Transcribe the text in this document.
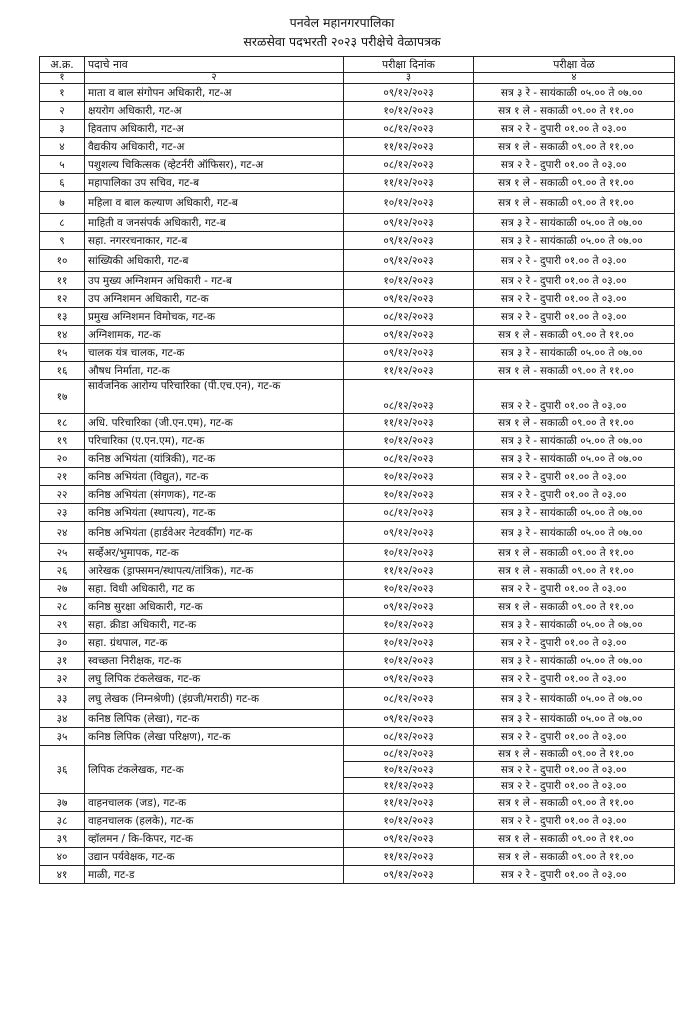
पनवेल महानगरपालिका
सरळसेवा पदभरती २०२३ परीक्षेचे वेळापत्रक
अ.क्र.	पदाचे नाव	परीक्षा दिनांक	परीक्षा वेळ
१	२	३	४
१	माता व बाल संगोपन अधिकारी, गट-अ	०९/१२/२०२३	सत्र ३ रे - सायंकाळी ०५.०० ते ०७.००
२	क्षयरोग अधिकारी, गट-अ	१०/१२/२०२३	सत्र १ ले - सकाळी ०९.०० ते ११.००
३	हिवताप अधिकारी, गट-अ	०८/१२/२०२३	सत्र २ रे - दुपारी ०१.०० ते ०३.००
४	वैद्यकीय अधिकारी, गट-अ	११/१२/२०२३	सत्र १ ले - सकाळी ०९.०० ते ११.००
५	पशुशल्य चिकित्सक (व्हेटर्नरी ऑफिसर), गट-अ	०८/१२/२०२३	सत्र २ रे - दुपारी ०१.०० ते ०३.००
६	महापालिका उप सचिव, गट-ब	११/१२/२०२३	सत्र १ ले - सकाळी ०९.०० ते ११.००
७	महिला व बाल कल्याण अधिकारी, गट-ब	१०/१२/२०२३	सत्र १ ले - सकाळी ०९.०० ते ११.००
८	माहिती व जनसंपर्क अधिकारी, गट-ब	०९/१२/२०२३	सत्र ३ रे - सायंकाळी ०५.०० ते ०७.००
९	सहा. नगररचनाकार, गट-ब	०९/१२/२०२३	सत्र ३ रे - सायंकाळी ०५.०० ते ०७.००
१०	सांख्यिकी अधिकारी, गट-ब	०९/१२/२०२३	सत्र २ रे - दुपारी ०१.०० ते ०३.००
११	उप मुख्य अग्निशमन अधिकारी - गट-ब	१०/१२/२०२३	सत्र २ रे - दुपारी ०१.०० ते ०३.००
१२	उप अग्निशमन अधिकारी, गट-क	०९/१२/२०२३	सत्र २ रे - दुपारी ०१.०० ते ०३.००
१३	प्रमुख अग्निशमन विमोचक, गट-क	०८/१२/२०२३	सत्र २ रे - दुपारी ०१.०० ते ०३.००
१४	अग्निशामक, गट-क	०९/१२/२०२३	सत्र १ ले - सकाळी ०९.०० ते ११.००
१५	चालक यंत्र चालक, गट-क	०९/१२/२०२३	सत्र ३ रे - सायंकाळी ०५.०० ते ०७.००
१६	औषध निर्माता, गट-क	११/१२/२०२३	सत्र १ ले - सकाळी ०९.०० ते ११.००
१७	सार्वजनिक आरोग्य परिचारिका (पी.एच.एन), गट-क	०८/१२/२०२३	सत्र २ रे - दुपारी ०१.०० ते ०३.००
१८	अधि. परिचारिका (जी.एन.एम), गट-क	११/१२/२०२३	सत्र १ ले - सकाळी ०९.०० ते ११.००
१९	परिचारिका (ए.एन.एम), गट-क	१०/१२/२०२३	सत्र ३ रे - सायंकाळी ०५.०० ते ०७.००
२०	कनिष्ठ अभियंता (यांत्रिकी), गट-क	०८/१२/२०२३	सत्र ३ रे - सायंकाळी ०५.०० ते ०७.००
२१	कनिष्ठ अभियंता (विद्युत), गट-क	१०/१२/२०२३	सत्र २ रे - दुपारी ०१.०० ते ०३.००
२२	कनिष्ठ अभियंता (संगणक), गट-क	१०/१२/२०२३	सत्र २ रे - दुपारी ०१.०० ते ०३.००
२३	कनिष्ठ अभियंता (स्थापत्य), गट-क	०८/१२/२०२३	सत्र ३ रे - सायंकाळी ०५.०० ते ०७.००
२४	कनिष्ठ अभियंता (हार्डवेअर नेटवर्कींग) गट-क	०९/१२/२०२३	सत्र ३ रे - सायंकाळी ०५.०० ते ०७.००
२५	सर्व्हेअर/भुमापक, गट-क	१०/१२/२०२३	सत्र १ ले - सकाळी ०९.०० ते ११.००
२६	आरेखक (ड्राफ्समन/स्थापत्य/तांत्रिक), गट-क	११/१२/२०२३	सत्र १ ले - सकाळी ०९.०० ते ११.००
२७	सहा. विधी अधिकारी, गट क	१०/१२/२०२३	सत्र २ रे - दुपारी ०१.०० ते ०३.००
२८	कनिष्ठ सुरक्षा अधिकारी, गट-क	०९/१२/२०२३	सत्र १ ले - सकाळी ०९.०० ते ११.००
२९	सहा. क्रीडा अधिकारी, गट-क	१०/१२/२०२३	सत्र ३ रे - सायंकाळी ०५.०० ते ०७.००
३०	सहा. ग्रंथपाल, गट-क	१०/१२/२०२३	सत्र २ रे - दुपारी ०१.०० ते ०३.००
३१	स्वच्छता निरीक्षक, गट-क	१०/१२/२०२३	सत्र ३ रे - सायंकाळी ०५.०० ते ०७.००
३२	लघु लिपिक टंकलेखक, गट-क	०९/१२/२०२३	सत्र २ रे - दुपारी ०१.०० ते ०३.००
३३	लघु लेखक (निम्नश्रेणी) (इंग्रजी/मराठी) गट-क	०८/१२/२०२३	सत्र ३ रे - सायंकाळी ०५.०० ते ०७.००
३४	कनिष्ठ लिपिक (लेखा), गट-क	०९/१२/२०२३	सत्र ३ रे - सायंकाळी ०५.०० ते ०७.००
३५	कनिष्ठ लिपिक (लेखा परिक्षण), गट-क	०८/१२/२०२३	सत्र २ रे - दुपारी ०१.०० ते ०३.००
३६	लिपिक टंकलेखक, गट-क	०८/१२/२०२३	सत्र १ ले - सकाळी ०९.०० ते ११.००
		१०/१२/२०२३	सत्र २ रे - दुपारी ०१.०० ते ०३.००
		११/१२/२०२३	सत्र २ रे - दुपारी ०१.०० ते ०३.००
३७	वाहनचालक (जड), गट-क	११/१२/२०२३	सत्र १ ले - सकाळी ०९.०० ते ११.००
३८	वाहनचालक (हलके), गट-क	१०/१२/२०२३	सत्र २ रे - दुपारी ०१.०० ते ०३.००
३९	व्हॉलमन / कि-किपर, गट-क	०९/१२/२०२३	सत्र १ ले - सकाळी ०९.०० ते ११.००
४०	उद्यान पर्यवेक्षक, गट-क	११/१२/२०२३	सत्र १ ले - सकाळी ०९.०० ते ११.००
४१	माळी, गट-ड	०९/१२/२०२३	सत्र २ रे - दुपारी ०१.०० ते ०३.००
